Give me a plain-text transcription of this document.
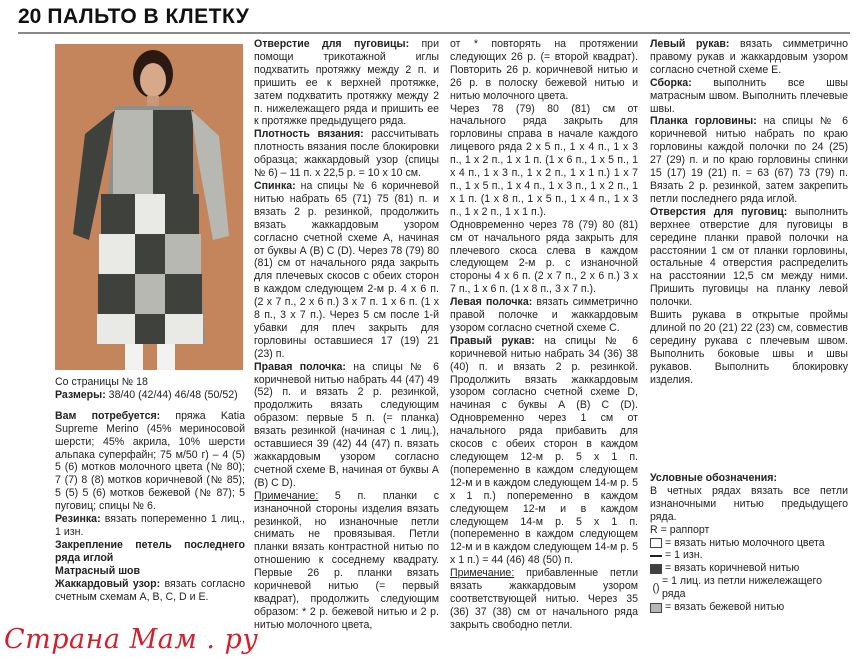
20 ПАЛЬТО В КЛЕТКУ

Со страницы № 18

Размеры: 38/40 (42/44) 46/48 (50/52)

Вам потребуется: пряжа Katia Supreme Merino (45% мериносовой шерсти; 45% акрила, 10% шерсти альпака суперфайн; 75 м/50 г) – 4 (5) 5 (6) мотков молочного цвета (№ 80); 7 (7) 8 (8) мотков коричневой (№ 85); 5 (5) 5 (6) мотков бежевой (№ 87); 5 пуговиц; спицы № 6.

Резинка: вязать попеременно 1 лиц., 1 изн.

Закрепление петель последнего ряда иглой

Матрасный шов

Жаккардовый узор: вязать согласно счетным схемам А, В, С, D и Е.

Отверстие для пуговицы: при помощи трикотажной иглы подхватить протяжку между 2 п. и пришить ее к верхней протяжке, затем подхватить протяжку между 2 п. нижележащего ряда и пришить ее к протяжке предыдущего ряда.

Плотность вязания: рассчитывать плотность вязания после блокировки образца; жаккардовый узор (спицы № 6) – 11 п. х 22,5 р. = 10 х 10 см.

Спинка: на спицы № 6 коричневой нитью набрать 65 (71) 75 (81) п. и вязать 2 р. резинкой, продолжить вязать жаккардовым узором согласно счетной схеме А, начиная от буквы А (В) С (D). Через 78 (79) 80 (81) см от начального ряда закрыть для плечевых скосов с обеих сторон в каждом следующем 2-м р. 4 х 6 п. (2 х 7 п., 2 х 6 п.) 3 х 7 п. 1 х 6 п. (1 х 8 п., 3 х 7 п.). Через 5 см после 1-й убавки для плеч закрыть для горловины оставшиеся 17 (19) 21 (23) п.

Правая полочка: на спицы № 6 коричневой нитью набрать 44 (47) 49 (52) п. и вязать 2 р. резинкой, продолжить вязать следующим образом: первые 5 п. (= планка) вязать резинкой (начиная с 1 лиц.), оставшиеся 39 (42) 44 (47) п. вязать жаккардовым узором согласно счетной схеме В, начиная от буквы А (В) С D).

Примечание: 5 п. планки с изнаночной стороны изделия вязать резинкой, но изнаночные петли снимать не провязывая. Петли планки вязать контрастной нитью по отношению к соседнему квадрату. Первые 26 р. планки вязать коричневой нитью (= первый квадрат), продолжить следующим образом: * 2 р. бежевой нитью и 2 р. нитью молочного цвета,

от * повторять на протяжении следующих 26 р. (= второй квадрат). Повторить 26 р. коричневой нитью и 26 р. в полоску бежевой нитью и нитью молочного цвета.

Через 78 (79) 80 (81) см от начального ряда закрыть для горловины справа в начале каждого лицевого ряда 2 х 5 п., 1 х 4 п., 1 х 3 п., 1 х 2 п., 1 х 1 п. (1 х 6 п., 1 х 5 п., 1 х 4 п., 1 х 3 п., 1 х 2 п., 1 х 1 п.) 1 х 7 п., 1 х 5 п., 1 х 4 п., 1 х 3 п., 1 х 2 п., 1 х 1 п. (1 х 8 п., 1 х 5 п., 1 х 4 п., 1 х 3 п., 1 х 2 п., 1 х 1 п.).

Одновременно через 78 (79) 80 (81) см от начального ряда закрыть для плечевого скоса слева в каждом следующем 2-м р. с изнаночной стороны 4 х 6 п. (2 х 7 п., 2 х 6 п.) 3 х 7 п., 1 х 6 п. (1 х 8 п., 3 х 7 п.).

Левая полочка: вязать симметрично правой полочке и жаккардовым узором согласно счетной схеме С.

Правый рукав: на спицы № 6 коричневой нитью набрать 34 (36) 38 (40) п. и вязать 2 р. резинкой. Продолжить вязать жаккардовым узором согласно счетной схеме D, начиная с буквы А (В) С (D). Одновременно через 1 см от начального ряда прибавить для скосов с обеих сторон в каждом следующем 12-м р. 5 х 1 п. (попеременно в каждом следующем 12-м и в каждом следующем 14-м р. 5 х 1 п.) попеременно в каждом следующем 12-м и в каждом следующем 14-м р. 5 х 1 п. (попеременно в каждом следующем 12-м и в каждом следующем 14-м р. 5 х 1 п.) = 44 (46) 48 (50) п.

Примечание: прибавленные петли вязать жаккардовым узором соответствующей нитью. Через 35 (36) 37 (38) см от начального ряда закрыть свободно петли.

Левый рукав: вязать симметрично правому рукав и жаккардовым узором согласно счетной схеме Е.

Сборка: выполнить все швы матрасным швом. Выполнить плечевые швы.

Планка горловины: на спицы № 6 коричневой нитью набрать по краю горловины каждой полочки по 24 (25) 27 (29) п. и по краю горловины спинки 15 (17) 19 (21) п. = 63 (67) 73 (79) п. Вязать 2 р. резинкой, затем закрепить петли последнего ряда иглой.

Отверстия для пуговиц: выполнить верхнее отверстие для пуговицы в середине планки правой полочки на расстоянии 1 см от планки горловины, остальные 4 отверстия распределить на расстоянии 12,5 см между ними. Пришить пуговицы на планку левой полочки.

Вшить рукава в открытые проймы длиной по 20 (21) 22 (23) см, совместив середину рукава с плечевым швом. Выполнить боковые швы и швы рукавов. Выполнить блокировку изделия.

Условные обозначения:

В четных рядах вязать все петли изнаночными нитью предыдущего ряда.

R = раппорт

= вязать нитью молочного цвета
= 1 изн.
= вязать коричневой нитью
()
= 1 лиц. из петли нижележащего ряда
= вязать бежевой нитью
Страна Мам . ру
